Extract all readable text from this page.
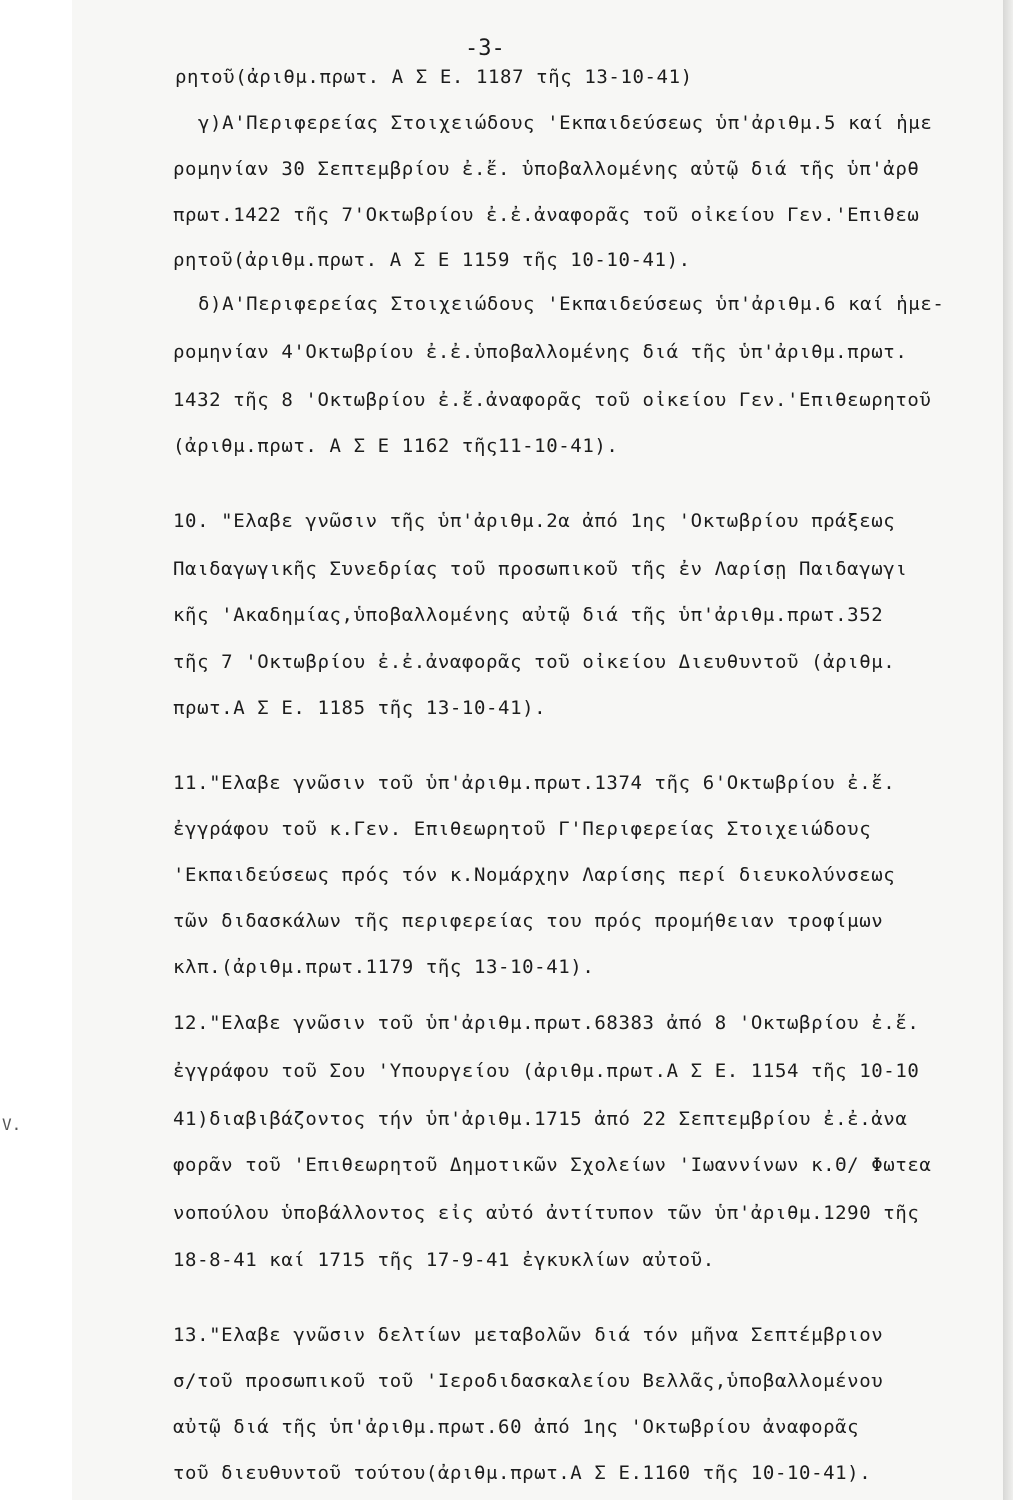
-3-
V.
ρητοῦ(ἀριθμ.πρωτ. Α Σ Ε. 1187 τῆς 13-10-41)
γ)Α'Περιφερείας Στοιχειώδους 'Εκπαιδεύσεως ὑπ'ἀριθμ.5 καί ἡμε
ρομηνίαν 30 Σεπτεμβρίου ἐ.ἔ. ὑποβαλλομένης αὐτῷ διά τῆς ὑπ'ἀρθ
πρωτ.1422 τῆς 7'Οκτωβρίου ἐ.ἐ.ἀναφορᾶς τοῦ οἰκείου Γεν.'Επιθεω
ρητοῦ(ἀριθμ.πρωτ. Α Σ Ε 1159 τῆς 10-10-41).
δ)Α'Περιφερείας Στοιχειώδους 'Εκπαιδεύσεως ὑπ'ἀριθμ.6 καί ἡμε-
ρομηνίαν 4'Οκτωβρίου ἐ.ἐ.ὑποβαλλομένης διά τῆς ὑπ'ἀριθμ.πρωτ.
1432 τῆς 8 'Οκτωβρίου ἐ.ἔ.ἀναφορᾶς τοῦ οἰκείου Γεν.'Επιθεωρητοῦ
(ἀριθμ.πρωτ. Α Σ Ε 1162 τῆς11-10-41).
10. "Ελαβε γνῶσιν τῆς ὑπ'ἀριθμ.2α ἀπό 1ης 'Οκτωβρίου πράξεως
Παιδαγωγικῆς Συνεδρίας τοῦ προσωπικοῦ τῆς ἐν Λαρίσῃ Παιδαγωγι
κῆς 'Ακαδημίας,ὑποβαλλομένης αὐτῷ διά τῆς ὑπ'ἀριθμ.πρωτ.352
τῆς 7 'Οκτωβρίου ἐ.ἐ.ἀναφορᾶς τοῦ οἰκείου Διευθυντοῦ (ἀριθμ.
πρωτ.Α Σ Ε. 1185 τῆς 13-10-41).
11."Ελαβε γνῶσιν τοῦ ὑπ'ἀριθμ.πρωτ.1374 τῆς 6'Οκτωβρίου ἐ.ἔ.
ἐγγράφου τοῦ κ.Γεν. Επιθεωρητοῦ Γ'Περιφερείας Στοιχειώδους
'Εκπαιδεύσεως πρός τόν κ.Νομάρχην Λαρίσης περί διευκολύνσεως
τῶν διδασκάλων τῆς περιφερείας του πρός προμήθειαν τροφίμων
κλπ.(ἀριθμ.πρωτ.1179 τῆς 13-10-41).
12."Ελαβε γνῶσιν τοῦ ὑπ'ἀριθμ.πρωτ.68383 ἀπό 8 'Οκτωβρίου ἐ.ἔ.
ἐγγράφου τοῦ Σου 'Υπουργείου (ἀριθμ.πρωτ.Α Σ Ε. 1154 τῆς 10-10
41)διαβιβάζοντος τήν ὑπ'ἀριθμ.1715 ἀπό 22 Σεπτεμβρίου ἐ.ἐ.ἀνα
φορᾶν τοῦ 'Επιθεωρητοῦ Δημοτικῶν Σχολείων 'Ιωαννίνων κ.Θ/ Φωτεα
νοπούλου ὑποβάλλοντος εἰς αὐτό ἀντίτυπον τῶν ὑπ'ἀριθμ.1290 τῆς
18-8-41 καί 1715 τῆς 17-9-41 ἐγκυκλίων αὐτοῦ.
13."Ελαβε γνῶσιν δελτίων μεταβολῶν διά τόν μῆνα Σεπτέμβριον
σ/τοῦ προσωπικοῦ τοῦ 'Ιεροδιδασκαλείου Βελλᾶς,ὑποβαλλομένου
αὐτῷ διά τῆς ὑπ'ἀριθμ.πρωτ.60 ἀπό 1ης 'Οκτωβρίου ἀναφορᾶς
τοῦ διευθυντοῦ τούτου(ἀριθμ.πρωτ.Α Σ Ε.1160 τῆς 10-10-41).
